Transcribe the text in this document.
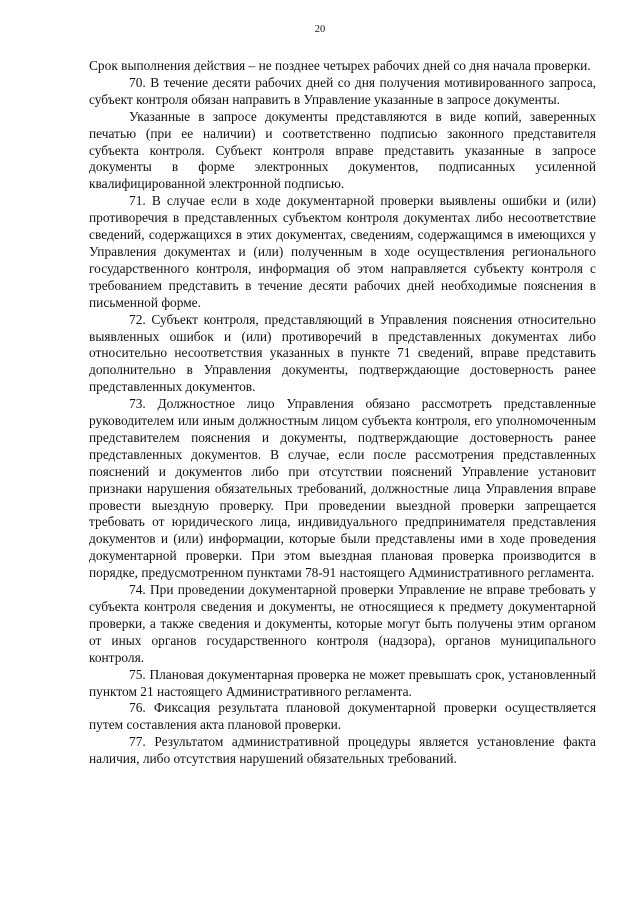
20

Срок выполнения действия – не позднее четырех рабочих дней со дня начала проверки.

70. В течение десяти рабочих дней со дня получения мотивированного запроса, субъект контроля обязан направить в Управление указанные в запросе документы.

Указанные в запросе документы представляются в виде копий, заверенных печатью (при ее наличии) и соответственно подписью законного представителя субъекта контроля. Субъект контроля вправе представить указанные в запросе документы в форме электронных документов, подписанных усиленной квалифицированной электронной подписью.

71. В случае если в ходе документарной проверки выявлены ошибки и (или) противоречия в представленных субъектом контроля документах либо несоответствие сведений, содержащихся в этих документах, сведениям, содержащимся в имеющихся у Управления документах и (или) полученным в ходе осуществления регионального государственного контроля, информация об этом направляется субъекту контроля с требованием представить в течение десяти рабочих дней необходимые пояснения в письменной форме.

72. Субъект контроля, представляющий в Управления пояснения относительно выявленных ошибок и (или) противоречий в представленных документах либо относительно несоответствия указанных в пункте 71 сведений, вправе представить дополнительно в Управления документы, подтверждающие достоверность ранее представленных документов.

73. Должностное лицо Управления обязано рассмотреть представленные руководителем или иным должностным лицом субъекта контроля, его уполномоченным представителем пояснения и документы, подтверждающие достоверность ранее представленных документов. В случае, если после рассмотрения представленных пояснений и документов либо при отсутствии пояснений Управление установит признаки нарушения обязательных требований, должностные лица Управления вправе провести выездную проверку. При проведении выездной проверки запрещается требовать от юридического лица, индивидуального предпринимателя представления документов и (или) информации, которые были представлены ими в ходе проведения документарной проверки. При этом выездная плановая проверка производится в порядке, предусмотренном пунктами 78-91 настоящего Административного регламента.

74. При проведении документарной проверки Управление не вправе требовать у субъекта контроля сведения и документы, не относящиеся к предмету документарной проверки, а также сведения и документы, которые могут быть получены этим органом от иных органов государственного контроля (надзора), органов муниципального контроля.

75. Плановая документарная проверка не может превышать срок, установленный пунктом 21 настоящего Административного регламента.

76. Фиксация результата плановой документарной проверки осуществляется путем составления акта плановой проверки.

77. Результатом административной процедуры является установление факта наличия, либо отсутствия нарушений обязательных требований.
